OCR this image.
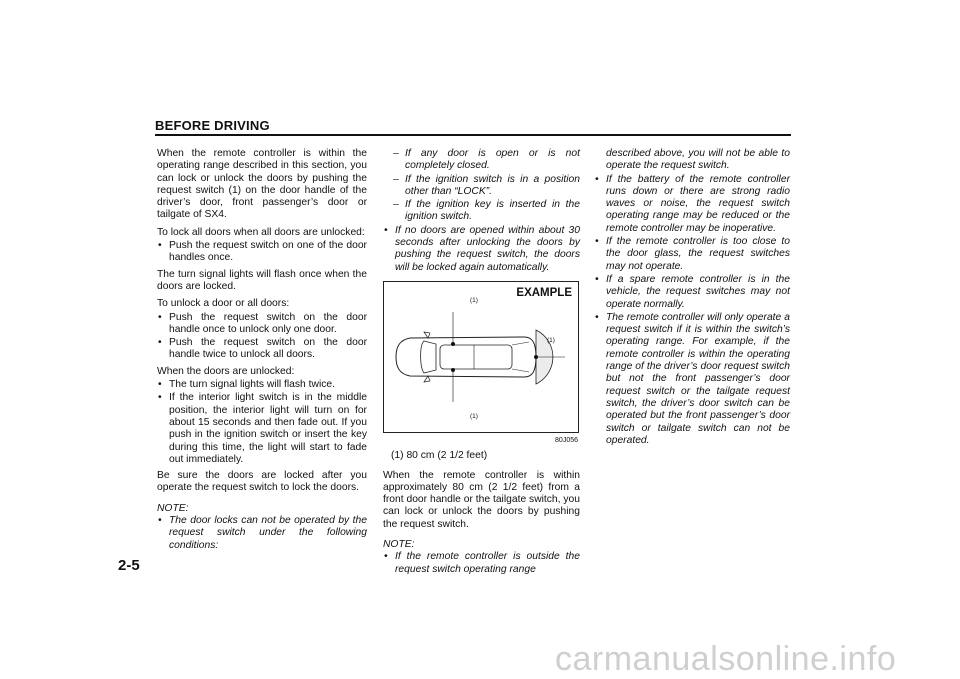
BEFORE DRIVING

When the remote controller is within the operating range described in this section, you can lock or unlock the doors by pushing the request switch (1) on the door handle of the driver’s door, front passenger’s door or tailgate of SX4.

To lock all doors when all doors are unlocked:

• Push the request switch on one of the door handles once.

The turn signal lights will flash once when the doors are locked.

To unlock a door or all doors:

• Push the request switch on the door handle once to unlock only one door.
• Push the request switch on the door handle twice to unlock all doors.

When the doors are unlocked:

• The turn signal lights will flash twice.
• If the interior light switch is in the middle position, the interior light will turn on for about 15 seconds and then fade out. If you push in the ignition switch or insert the key during this time, the light will start to fade out immediately.

Be sure the doors are locked after you operate the request switch to lock the doors.

NOTE:
• The door locks can not be operated by the request switch under the following conditions:
– If any door is open or is not completely closed.
– If the ignition switch is in a position other than “LOCK”.
– If the ignition key is inserted in the ignition switch.
• If no doors are opened within about 30 seconds after unlocking the doors by pushing the request switch, the doors will be locked again automatically.
EXAMPLE
(1)
(1)
(1)
80J056
(1) 80 cm (2 1/2 feet)

When the remote controller is within approximately 80 cm (2 1/2 feet) from a front door handle or the tailgate switch, you can lock or unlock the doors by pushing the request switch.

NOTE:
• If the remote controller is outside the request switch operating range

described above, you will not be able to operate the request switch.

• If the battery of the remote controller runs down or there are strong radio waves or noise, the request switch operating range may be reduced or the remote controller may be inoperative.
• If the remote controller is too close to the door glass, the request switches may not operate.
• If a spare remote controller is in the vehicle, the request switches may not operate normally.
• The remote controller will only operate a request switch if it is within the switch’s operating range. For example, if the remote controller is within the operating range of the driver’s door request switch but not the front passenger’s door request switch or the tailgate request switch, the driver’s door switch can be operated but the front passenger’s door switch or tailgate switch can not be operated.
2-5
carmanualsonline.info
